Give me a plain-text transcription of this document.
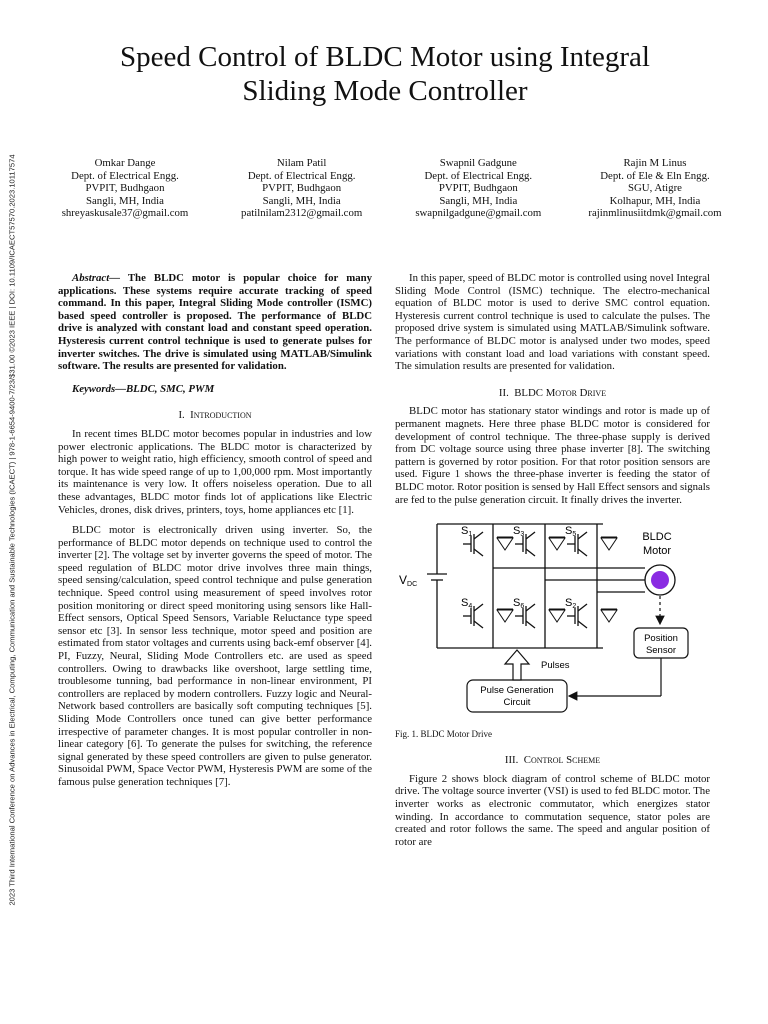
2023 Third International Conference on Advances in Electrical, Computing, Communication and Sustainable Technologies (ICAECT) | 978-1-6654-9400-7/23/$31.00 ©2023 IEEE | DOI: 10.1109/ICAECT57570.2023.10117574
Speed Control of BLDC Motor using Integral
Sliding Mode Controller
Omkar Dange
Dept. of Electrical Engg.
PVPIT, Budhgaon
Sangli, MH, India
shreyaskusale37@gmail.com
Nilam Patil
Dept. of Electrical Engg.
PVPIT, Budhgaon
Sangli, MH, India
patilnilam2312@gmail.com
Swapnil Gadgune
Dept. of Electrical Engg.
PVPIT, Budhgaon
Sangli, MH, India
swapnilgadgune@gmail.com
Rajin M Linus
Dept. of Ele & Eln Engg.
SGU, Atigre
Kolhapur, MH, India
rajinmlinusiitdmk@gmail.com

Abstract— The BLDC motor is popular choice for many applications. These systems require accurate tracking of speed command. In this paper, Integral Sliding Mode controller (ISMC) based speed controller is proposed. The performance of BLDC drive is analyzed with constant load and constant speed operation. Hysteresis current control technique is used to generate pulses for inverter switches. The drive is simulated using MATLAB/Simulink software. The results are presented for validation.

Keywords—BLDC, SMC, PWM

I. Introduction

In recent times BLDC motor becomes popular in industries and low power electronic applications. The BLDC motor is characterized by high power to weight ratio, high efficiency, smooth control of speed and torque. It has wide speed range of up to 1,00,000 rpm. Most importantly its maintenance is very low. It offers noiseless operation. Due to all these advantages, BLDC motor finds lot of applications like Electric Vehicles, drones, disk drives, printers, toys, home appliances etc [1].

BLDC motor is electronically driven using inverter. So, the performance of BLDC motor depends on technique used to control the inverter [2]. The voltage set by inverter governs the speed of motor. The speed regulation of BLDC motor drive involves three main things, speed sensing/calculation, speed control technique and pulse generation technique. Speed control using measurement of speed involves rotor position monitoring or direct speed monitoring using sensors like Hall-Effect sensors, Optical Speed Sensors, Variable Reluctance type speed sensor etc [3]. In sensor less technique, motor speed and position are estimated from stator voltages and currents using back-emf observer [4]. PI, Fuzzy, Neural, Sliding Mode Controllers etc. are used as speed controllers. Owing to drawbacks like overshoot, large settling time, troublesome tunning, bad performance in non-linear environment, PI controllers are replaced by modern controllers. Fuzzy logic and Neural-Network based controllers are basically soft computing techniques [5]. Sliding Mode Controllers once tuned can give better performance irrespective of parameter changes. It is most popular controller in non-linear category [6]. To generate the pulses for switching, the reference signal generated by these speed controllers are given to pulse generator. Sinusoidal PWM, Space Vector PWM, Hysteresis PWM are some of the famous pulse generation techniques [7].

In this paper, speed of BLDC motor is controlled using novel Integral Sliding Mode Control (ISMC) technique. The electro-mechanical equation of BLDC motor is used to derive SMC control equation. Hysteresis current control technique is used to calculate the pulses. The proposed drive system is simulated using MATLAB/Simulink software. The performance of BLDC motor is analysed under two modes, speed variations with constant load and load variations with constant speed. The simulation results are presented for validation.

II. BLDC Motor Drive

BLDC motor has stationary stator windings and rotor is made up of permanent magnets. Here three phase BLDC motor is considered for development of control technique. The three-phase supply is derived from DC voltage source using three phase inverter [8]. The switching pattern is governed by rotor position. For that rotor position sensors are used. Figure 1 shows the three-phase inverter is feeding the stator of BLDC motor. Rotor position is sensed by Hall Effect sensors and signals are fed to the pulse generation circuit. It finally drives the inverter.

S1	S3	S5
S4	S6	S2
VDC
BLDC
Motor
Position
Sensor
Pulse Generation
Circuit
Pulses

Fig. 1. BLDC Motor Drive

III. Control Scheme

Figure 2 shows block diagram of control scheme of BLDC motor drive. The voltage source inverter (VSI) is used to fed BLDC motor. The inverter works as electronic commutator, which energizes stator winding. In accordance to commutation sequence, stator poles are created and rotor follows the same. The speed and angular position of rotor are
